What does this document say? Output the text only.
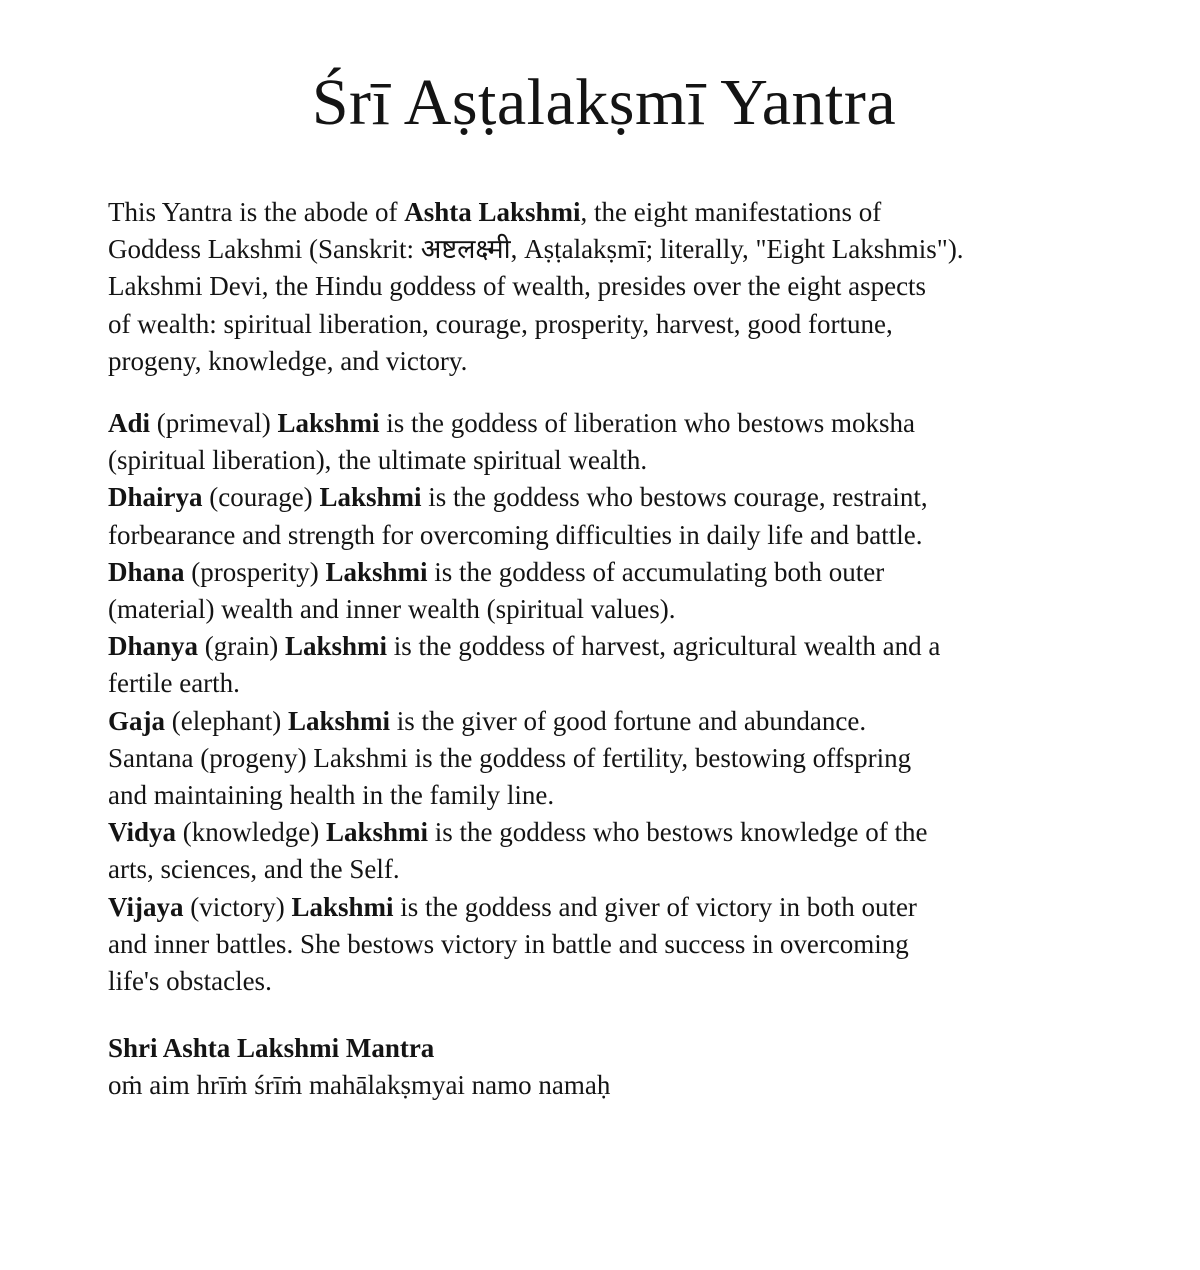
Śrī Aṣṭalakṣmī Yantra

This Yantra is the abode of Ashta Lakshmi, the eight manifestations of
Goddess Lakshmi (Sanskrit: अष्टलक्ष्मी, Aṣṭalakṣmī; literally, "Eight Lakshmis").
Lakshmi Devi, the Hindu goddess of wealth, presides over the eight aspects
of wealth: spiritual liberation, courage, prosperity, harvest, good fortune,
progeny, knowledge, and victory.

Adi (primeval) Lakshmi is the goddess of liberation who bestows moksha
(spiritual liberation), the ultimate spiritual wealth.

Dhairya (courage) Lakshmi is the goddess who bestows courage, restraint,
forbearance and strength for overcoming difficulties in daily life and battle.

Dhana (prosperity) Lakshmi is the goddess of accumulating both outer
(material) wealth and inner wealth (spiritual values).

Dhanya (grain) Lakshmi is the goddess of harvest, agricultural wealth and a
fertile earth.

Gaja (elephant) Lakshmi is the giver of good fortune and abundance.

Santana (progeny) Lakshmi is the goddess of fertility, bestowing offspring
and maintaining health in the family line.

Vidya (knowledge) Lakshmi is the goddess who bestows knowledge of the
arts, sciences, and the Self.

Vijaya (victory) Lakshmi is the goddess and giver of victory in both outer
and inner battles. She bestows victory in battle and success in overcoming
life's obstacles.

Shri Ashta Lakshmi Mantra

oṁ aim hrīṁ śrīṁ mahālakṣmyai namo namaḥ
